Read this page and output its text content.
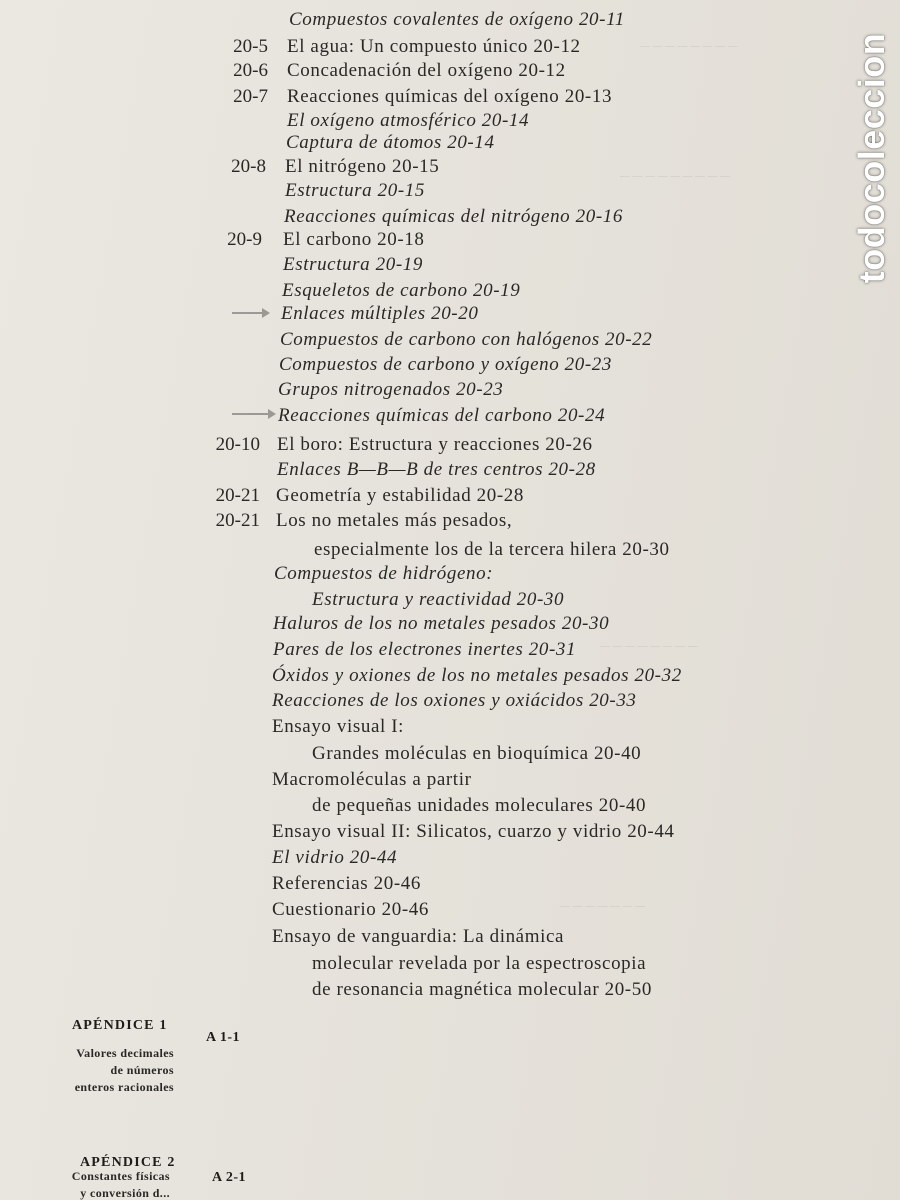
— — — — — — — —
— — — — — — — — —
— — — — — — — —
— — — — — — —
20-5
20-6
20-7
20-8
20-9
20-10
20-21
20-21
Compuestos covalentes de oxígeno 20-11
El agua: Un compuesto único 20-12
Concadenación del oxígeno 20-12
Reacciones químicas del oxígeno 20-13
El oxígeno atmosférico 20-14
Captura de átomos 20-14
El nitrógeno 20-15
Estructura 20-15
Reacciones químicas del nitrógeno 20-16
El carbono 20-18
Estructura 20-19
Esqueletos de carbono 20-19
Enlaces múltiples 20-20
Compuestos de carbono con halógenos 20-22
Compuestos de carbono y oxígeno 20-23
Grupos nitrogenados 20-23
Reacciones químicas del carbono 20-24
El boro: Estructura y reacciones 20-26
Enlaces B—B—B de tres centros 20-28
Geometría y estabilidad 20-28
Los no metales más pesados,
especialmente los de la tercera hilera 20-30
Compuestos de hidrógeno:
Estructura y reactividad 20-30
Haluros de los no metales pesados 20-30
Pares de los electrones inertes 20-31
Óxidos y oxiones de los no metales pesados 20-32
Reacciones de los oxiones y oxiácidos 20-33
Ensayo visual I:
Grandes moléculas en bioquímica 20-40
Macromoléculas a partir
de pequeñas unidades moleculares 20-40
Ensayo visual II: Silicatos, cuarzo y vidrio 20-44
El vidrio 20-44
Referencias 20-46
Cuestionario 20-46
Ensayo de vanguardia: La dinámica
molecular revelada por la espectroscopia
de resonancia magnética molecular 20-50
APÉNDICE 1
A 1-1
Valores decimales
de números
enteros racionales
APÉNDICE 2
A 2-1
Constantes físicas
y conversión d...
todocoleccion
